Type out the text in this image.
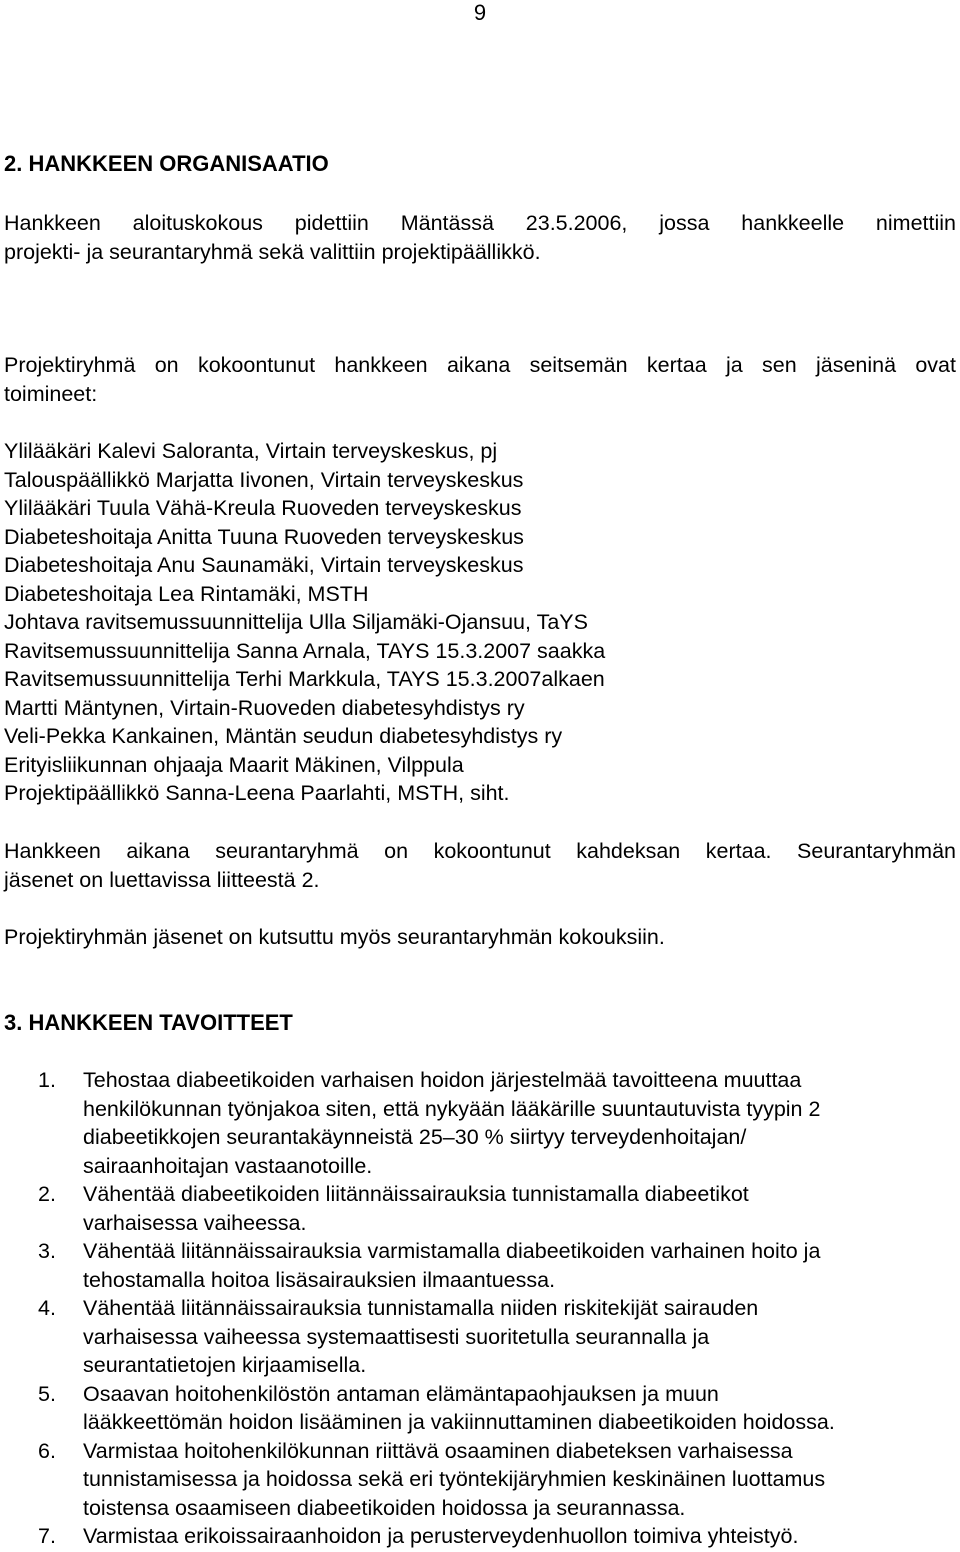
9
2. HANKKEEN ORGANISAATIO
Hankkeen aloituskokous pidettiin Mäntässä 23.5.2006, jossa hankkeelle nimettiin
projekti- ja seurantaryhmä sekä valittiin projektipäällikkö.
Projektiryhmä on kokoontunut hankkeen aikana seitsemän kertaa ja sen jäseninä ovat
toimineet:
Ylilääkäri Kalevi Saloranta, Virtain terveyskeskus, pj
Talouspäällikkö Marjatta Iivonen, Virtain terveyskeskus
Ylilääkäri Tuula Vähä-Kreula Ruoveden terveyskeskus
Diabeteshoitaja Anitta Tuuna Ruoveden terveyskeskus
Diabeteshoitaja Anu Saunamäki, Virtain terveyskeskus
Diabeteshoitaja Lea Rintamäki, MSTH
Johtava ravitsemussuunnittelija Ulla Siljamäki-Ojansuu, TaYS
Ravitsemussuunnittelija Sanna Arnala, TAYS 15.3.2007 saakka
Ravitsemussuunnittelija Terhi Markkula, TAYS 15.3.2007alkaen
Martti Mäntynen, Virtain-Ruoveden diabetesyhdistys ry
Veli-Pekka Kankainen, Mäntän seudun diabetesyhdistys ry
Erityisliikunnan ohjaaja Maarit Mäkinen, Vilppula
Projektipäällikkö Sanna-Leena Paarlahti, MSTH, siht.
Hankkeen aikana seurantaryhmä on kokoontunut kahdeksan kertaa. Seurantaryhmän
jäsenet on luettavissa liitteestä 2.
Projektiryhmän jäsenet on kutsuttu myös seurantaryhmän kokouksiin.
3. HANKKEEN TAVOITTEET
1. Tehostaa diabeetikoiden varhaisen hoidon järjestelmää tavoitteena muuttaa
henkilökunnan työnjakoa siten, että nykyään lääkärille suuntautuvista tyypin 2
diabeetikkojen seurantakäynneistä 25–30 % siirtyy terveydenhoitajan/
sairaanhoitajan vastaanotoille.
2. Vähentää diabeetikoiden liitännäissairauksia tunnistamalla diabeetikot
varhaisessa vaiheessa.
3. Vähentää liitännäissairauksia varmistamalla diabeetikoiden varhainen hoito ja
tehostamalla hoitoa lisäsairauksien ilmaantuessa.
4. Vähentää liitännäissairauksia tunnistamalla niiden riskitekijät sairauden
varhaisessa vaiheessa systemaattisesti suoritetulla seurannalla ja
seurantatietojen kirjaamisella.
5. Osaavan hoitohenkilöstön antaman elämäntapaohjauksen ja muun
lääkkeettömän hoidon lisääminen ja vakiinnuttaminen diabeetikoiden hoidossa.
6. Varmistaa hoitohenkilökunnan riittävä osaaminen diabeteksen varhaisessa
tunnistamisessa ja hoidossa sekä eri työntekijäryhmien keskinäinen luottamus
toistensa osaamiseen diabeetikoiden hoidossa ja seurannassa.
7. Varmistaa erikoissairaanhoidon ja perusterveydenhuollon toimiva yhteistyö.
